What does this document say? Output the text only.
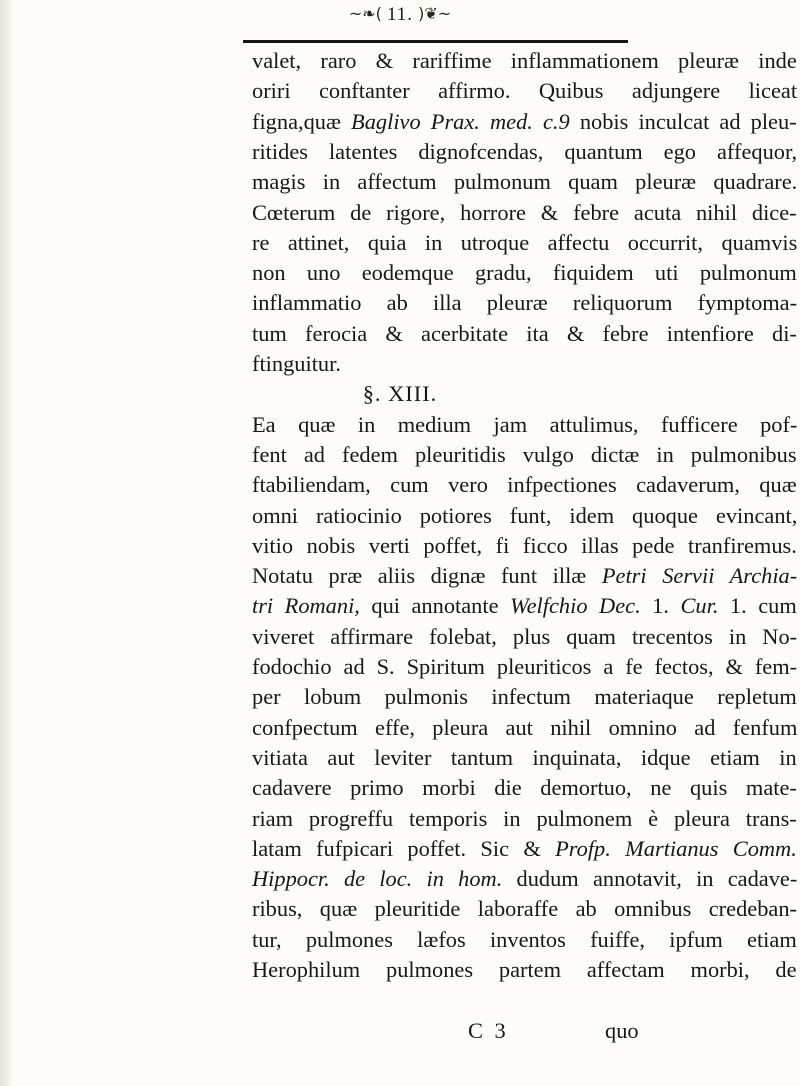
~❧( 11. )❦~
valet, raro & rariffime inflammationem pleuræ inde
oriri conftanter affirmo. Quibus adjungere liceat
figna,quæ Baglivo Prax. med. c.9 nobis inculcat ad pleu-
ritides latentes dignofcendas, quantum ego affequor,
magis in affectum pulmonum quam pleuræ quadrare.
Cœterum de rigore, horrore & febre acuta nihil dice-
re attinet, quia in utroque affectu occurrit, quamvis
non uno eodemque gradu, fiquidem uti pulmonum
inflammatio ab illa pleuræ reliquorum fymptoma-
tum ferocia & acerbitate ita & febre intenfiore di-
ftinguitur.
§. XIII.
Ea quæ in medium jam attulimus, fufficere pof-
fent ad fedem pleuritidis vulgo dictæ in pulmonibus
ftabiliendam, cum vero infpectiones cadaverum, quæ
omni ratiocinio potiores funt, idem quoque evincant,
vitio nobis verti poffet, fi ficco illas pede tranfiremus.
Notatu præ aliis dignæ funt illæ Petri Servii Archia-
tri Romani, qui annotante Welfchio Dec. 1. Cur. 1. cum
viveret affirmare folebat, plus quam trecentos in No-
fodochio ad S. Spiritum pleuriticos a fe fectos, & fem-
per lobum pulmonis infectum materiaque repletum
confpectum effe, pleura aut nihil omnino ad fenfum
vitiata aut leviter tantum inquinata, idque etiam in
cadavere primo morbi die demortuo, ne quis mate-
riam progreffu temporis in pulmonem è pleura trans-
latam fufpicari poffet. Sic & Profp. Martianus Comm.
Hippocr. de loc. in hom. dudum annotavit, in cadave-
ribus, quæ pleuritide laboraffe ab omnibus credeban-
tur, pulmones læfos inventos fuiffe, ipfum etiam
Herophilum pulmones partem affectam morbi, de
C 3	quo
